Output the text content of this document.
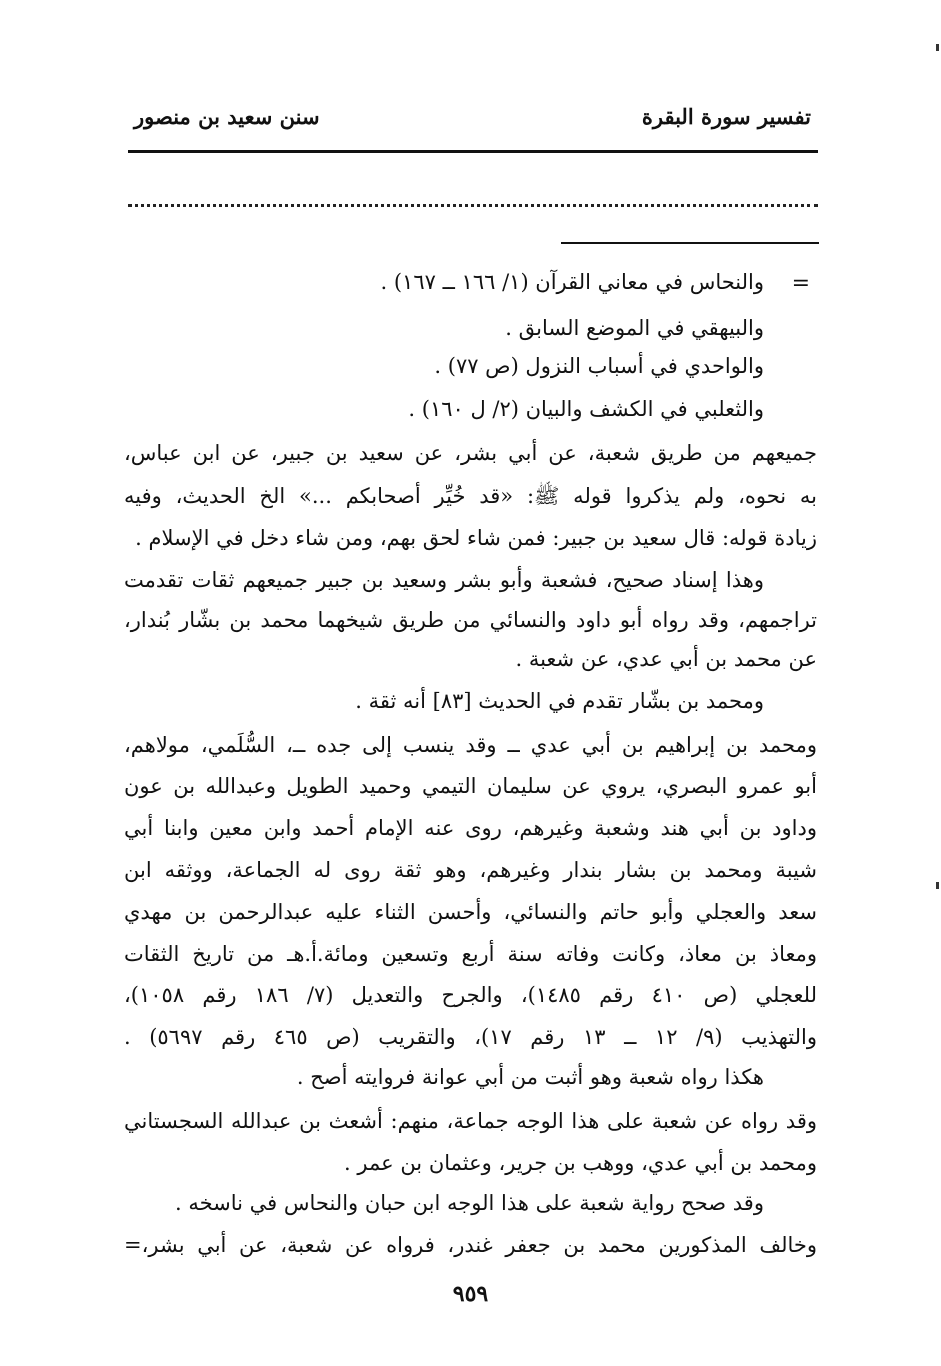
تفسير سورة البقرة
سنن سعيد بن منصور
=
والنحاس في معاني القرآن (١/ ١٦٦ ــ ١٦٧) .
والبيهقي في الموضع السابق .
والواحدي في أسباب النزول (ص ٧٧) .
والثعلبي في الكشف والبيان (٢/ ل ١٦٠) .
جميعهم من طريق شعبة، عن أبي بشر، عن سعيد بن جبير، عن ابن عباس،
به نحوه، ولم يذكروا قوله ﷺ: «قد خُيِّر أصحابكم ...» الخ الحديث، وفيه
زيادة قوله: قال سعيد بن جبير: فمن شاء لحق بهم، ومن شاء دخل في الإسلام .
وهذا إسناد صحيح، فشعبة وأبو بشر وسعيد بن جبير جميعهم ثقات تقدمت
تراجمهم، وقد رواه أبو داود والنسائي من طريق شيخهما محمد بن بشّار بُندار،
عن محمد بن أبي عدي، عن شعبة .
ومحمد بن بشّار تقدم في الحديث [٨٣] أنه ثقة .
ومحمد بن إبراهيم بن أبي عدي ــ وقد ينسب إلى جده ــ، السُّلَمي، مولاهم،
أبو عمرو البصري، يروي عن سليمان التيمي وحميد الطويل وعبدالله بن عون
وداود بن أبي هند وشعبة وغيرهم، روى عنه الإمام أحمد وابن معين وابنا أبي
شيبة ومحمد بن بشار بندار وغيرهم، وهو ثقة روى له الجماعة، ووثقه ابن
سعد والعجلي وأبو حاتم والنسائي، وأحسن الثناء عليه عبدالرحمن بن مهدي
ومعاذ بن معاذ، وكانت وفاته سنة أربع وتسعين ومائة.أ.هـ من تاريخ الثقات
للعجلي (ص ٤١٠ رقم ١٤٨٥)، والجرح والتعديل (٧/ ١٨٦ رقم ١٠٥٨)،
والتهذيب (٩/ ١٢ ــ ١٣ رقم ١٧)، والتقريب (ص ٤٦٥ رقم ٥٦٩٧) .
هكذا رواه شعبة وهو أثبت من أبي عوانة فروايته أصح .
وقد رواه عن شعبة على هذا الوجه جماعة، منهم: أشعث بن عبدالله السجستاني
ومحمد بن أبي عدي، ووهب بن جرير، وعثمان بن عمر .
وقد صحح رواية شعبة على هذا الوجه ابن حبان والنحاس في ناسخه .
وخالف المذكورين محمد بن جعفر غندر، فرواه عن شعبة، عن أبي بشر،=
٩٥٩
